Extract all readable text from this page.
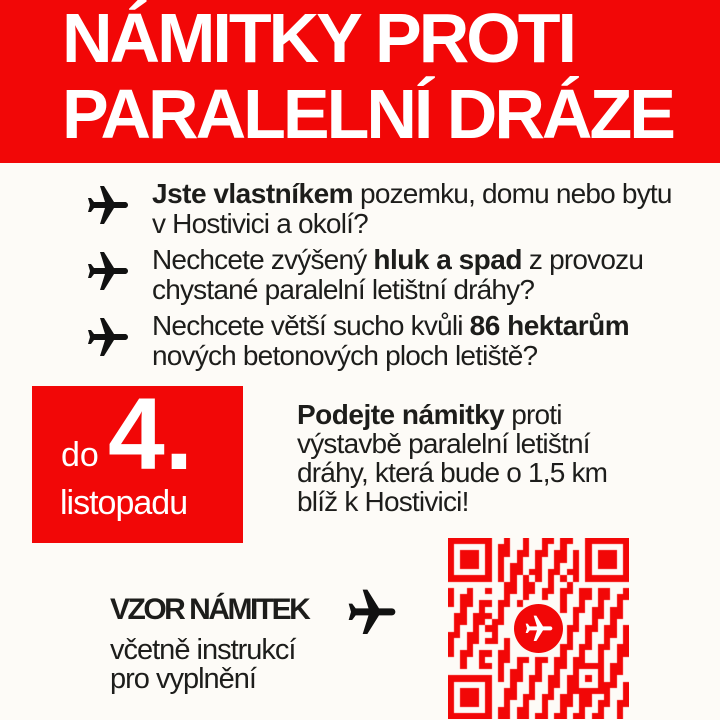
NÁMITKY PROTI
PARALELNÍ DRÁZE
Jste vlastníkem pozemku, domu nebo bytu
v Hostivici a okolí?
Nechcete zvýšený hluk a spad z provozu
chystané paralelní letištní dráhy?
Nechcete větší sucho kvůli 86 hektarům
nových betonových ploch letiště?
do 4.
listopadu
Podejte námitky proti
výstavbě paralelní letištní
dráhy, která bude o 1,5 km
blíž k Hostivici!
VZOR NÁMITEK
včetně instrukcí
pro vyplnění
